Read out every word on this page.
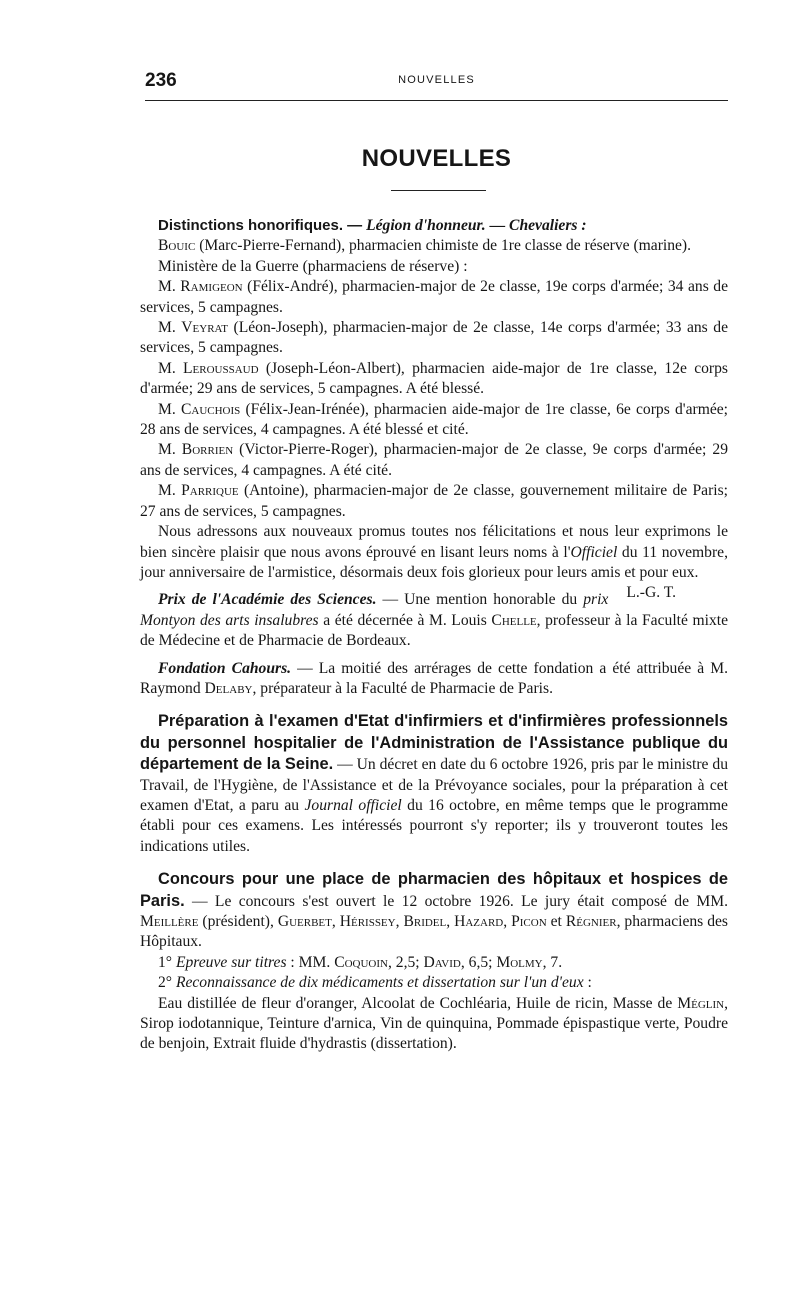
236	NOUVELLES
NOUVELLES

Distinctions honorifiques. — Légion d'honneur. — Chevaliers :

Bouic (Marc-Pierre-Fernand), pharmacien chimiste de 1re classe de réserve (marine).

Ministère de la Guerre (pharmaciens de réserve) :

M. Ramigeon (Félix-André), pharmacien-major de 2e classe, 19e corps d'armée; 34 ans de services, 5 campagnes.

M. Veyrat (Léon-Joseph), pharmacien-major de 2e classe, 14e corps d'armée; 33 ans de services, 5 campagnes.

M. Leroussaud (Joseph-Léon-Albert), pharmacien aide-major de 1re classe, 12e corps d'armée; 29 ans de services, 5 campagnes. A été blessé.

M. Cauchois (Félix-Jean-Irénée), pharmacien aide-major de 1re classe, 6e corps d'armée; 28 ans de services, 4 campagnes. A été blessé et cité.

M. Borrien (Victor-Pierre-Roger), pharmacien-major de 2e classe, 9e corps d'armée; 29 ans de services, 4 campagnes. A été cité.

M. Parrique (Antoine), pharmacien-major de 2e classe, gouvernement militaire de Paris; 27 ans de services, 5 campagnes.

Nous adressons aux nouveaux promus toutes nos félicitations et nous leur exprimons le bien sincère plaisir que nous avons éprouvé en lisant leurs noms à l'Officiel du 11 novembre, jour anniversaire de l'armistice, désormais deux fois glorieux pour leurs amis et pour eux.
L.-G. T.

Prix de l'Académie des Sciences. — Une mention honorable du prix Montyon des arts insalubres a été décernée à M. Louis Chelle, professeur à la Faculté mixte de Médecine et de Pharmacie de Bordeaux.

Fondation Cahours. — La moitié des arrérages de cette fondation a été attribuée à M. Raymond Delaby, préparateur à la Faculté de Pharmacie de Paris.

Préparation à l'examen d'Etat d'infirmiers et d'infirmières professionnels du personnel hospitalier de l'Administration de l'Assistance publique du département de la Seine. — Un décret en date du 6 octobre 1926, pris par le ministre du Travail, de l'Hygiène, de l'Assistance et de la Prévoyance sociales, pour la préparation à cet examen d'Etat, a paru au Journal officiel du 16 octobre, en même temps que le programme établi pour ces examens. Les intéressés pourront s'y reporter; ils y trouveront toutes les indications utiles.

Concours pour une place de pharmacien des hôpitaux et hospices de Paris. — Le concours s'est ouvert le 12 octobre 1926. Le jury était composé de MM. Meillère (président), Guerbet, Hérissey, Bridel, Hazard, Picon et Régnier, pharmaciens des Hôpitaux.

1° Epreuve sur titres : MM. Coquoin, 2,5; David, 6,5; Molmy, 7.

2° Reconnaissance de dix médicaments et dissertation sur l'un d'eux :

Eau distillée de fleur d'oranger, Alcoolat de Cochléaria, Huile de ricin, Masse de Méglin, Sirop iodotannique, Teinture d'arnica, Vin de quinquina, Pommade épispastique verte, Poudre de benjoin, Extrait fluide d'hydrastis (dissertation).
